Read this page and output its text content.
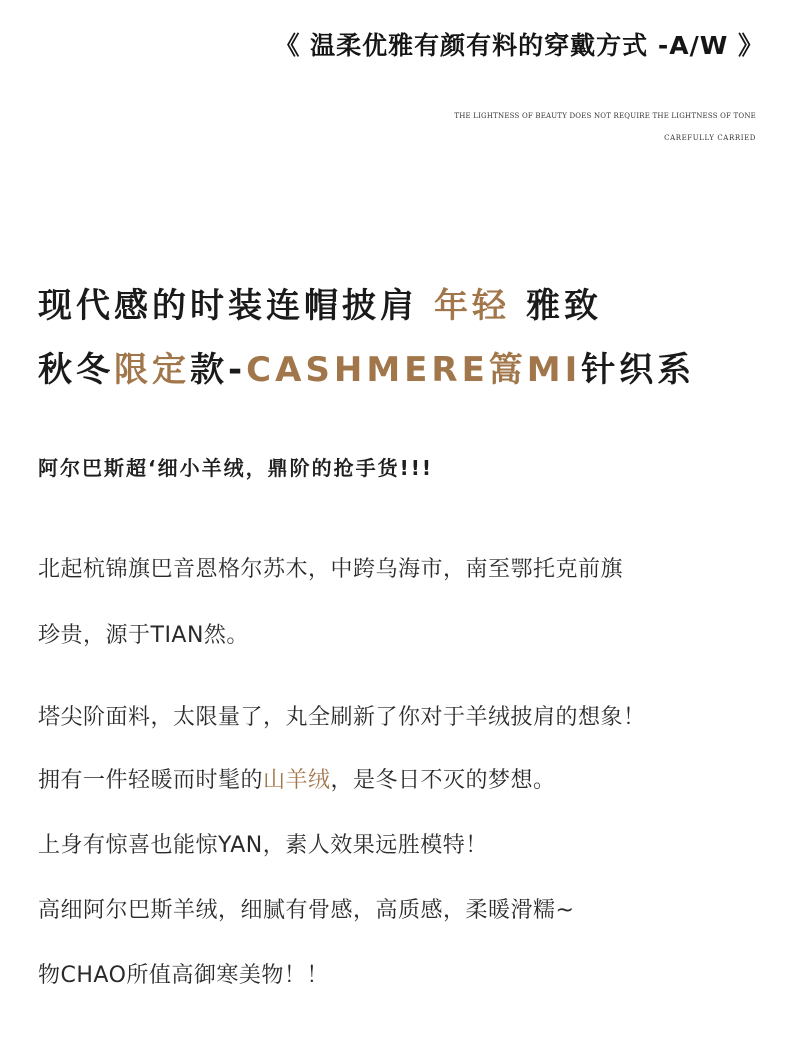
《 温柔优雅有颜有料的穿戴方式 -A/W 》
THE LIGHTNESS OF BEAUTY DOES NOT REQUIRE THE LIGHTNESS OF TONE
CAREFULLY CARRIED
现代感的时装连帽披肩 年轻 雅致
秋冬限定款-CASHMERE篙MI针织系
阿尔巴斯超‘细小羊绒，鼎阶的抢手货!!!
北起杭锦旗巴音恩格尔苏木，中跨乌海市，南至鄂托克前旗
珍贵，源于TIAN然。
塔尖阶面料，太限量了，丸全刷新了你对于羊绒披肩的想象！
拥有一件轻暖而时髦的山羊绒，是冬日不灭的梦想。
上身有惊喜也能惊YAN，素人效果远胜模特！
高细阿尔巴斯羊绒，细腻有骨感，高质感，柔暖滑糯~
物CHAO所值高御寒美物！！
